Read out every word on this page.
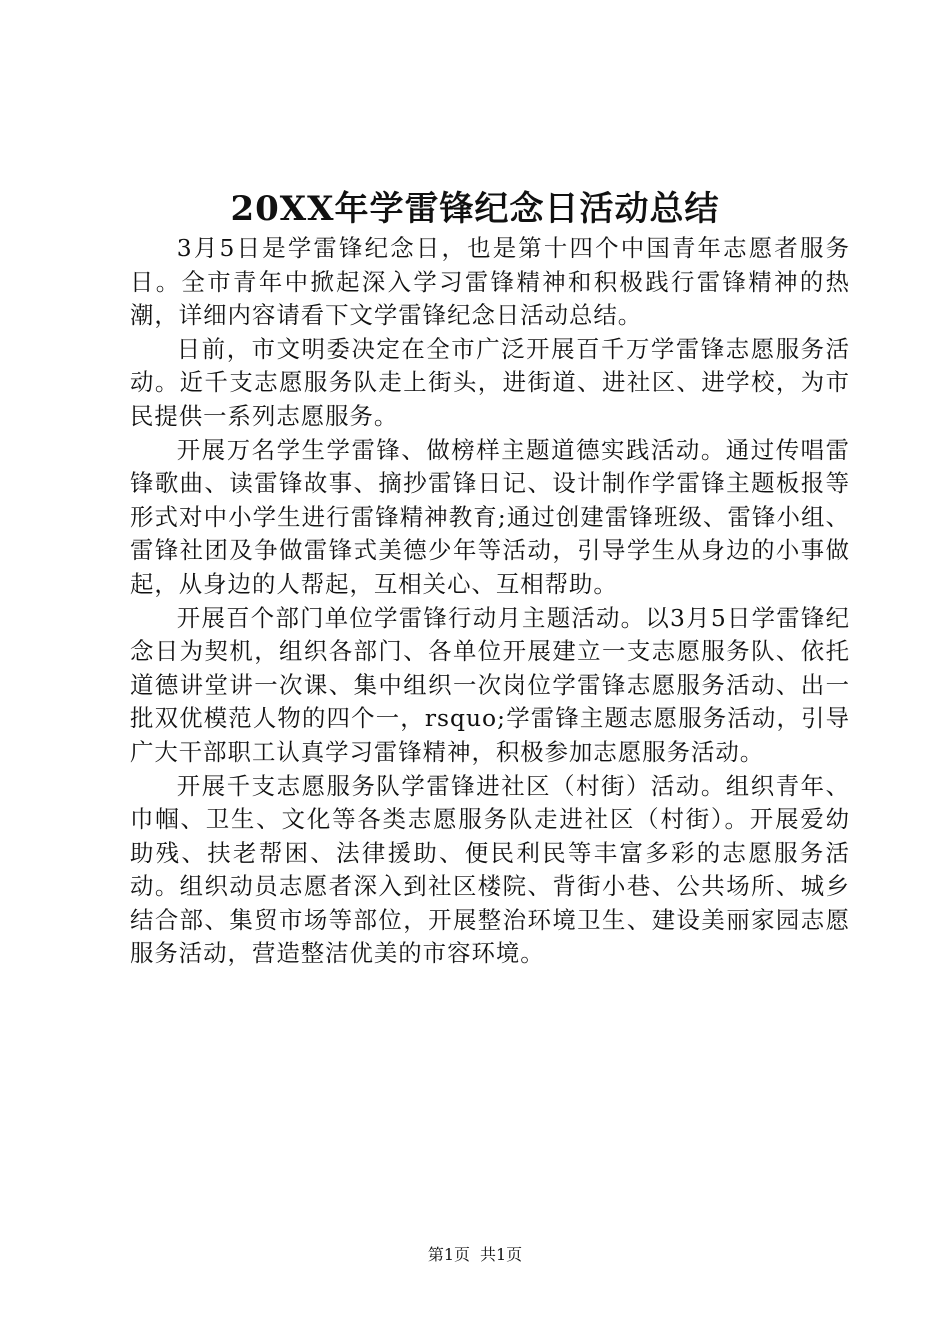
20XX年学雷锋纪念日活动总结

3月5日是学雷锋纪念日，也是第十四个中国青年志愿者服务日。全市青年中掀起深入学习雷锋精神和积极践行雷锋精神的热潮，详细内容请看下文学雷锋纪念日活动总结。

日前，市文明委决定在全市广泛开展百千万学雷锋志愿服务活动。近千支志愿服务队走上街头，进街道、进社区、进学校，为市民提供一系列志愿服务。

开展万名学生学雷锋、做榜样主题道德实践活动。通过传唱雷锋歌曲、读雷锋故事、摘抄雷锋日记、设计制作学雷锋主题板报等形式对中小学生进行雷锋精神教育;通过创建雷锋班级、雷锋小组、雷锋社团及争做雷锋式美德少年等活动，引导学生从身边的小事做起，从身边的人帮起，互相关心、互相帮助。

开展百个部门单位学雷锋行动月主题活动。以3月5日学雷锋纪念日为契机，组织各部门、各单位开展建立一支志愿服务队、依托道德讲堂讲一次课、集中组织一次岗位学雷锋志愿服务活动、出一批双优模范人物的四个一，rsquo;学雷锋主题志愿服务活动，引导广大干部职工认真学习雷锋精神，积极参加志愿服务活动。

开展千支志愿服务队学雷锋进社区（村街）活动。组织青年、巾帼、卫生、文化等各类志愿服务队走进社区（村街）。开展爱幼助残、扶老帮困、法律援助、便民利民等丰富多彩的志愿服务活动。组织动员志愿者深入到社区楼院、背街小巷、公共场所、城乡结合部、集贸市场等部位，开展整治环境卫生、建设美丽家园志愿服务活动，营造整洁优美的市容环境。

第1页 共1页
